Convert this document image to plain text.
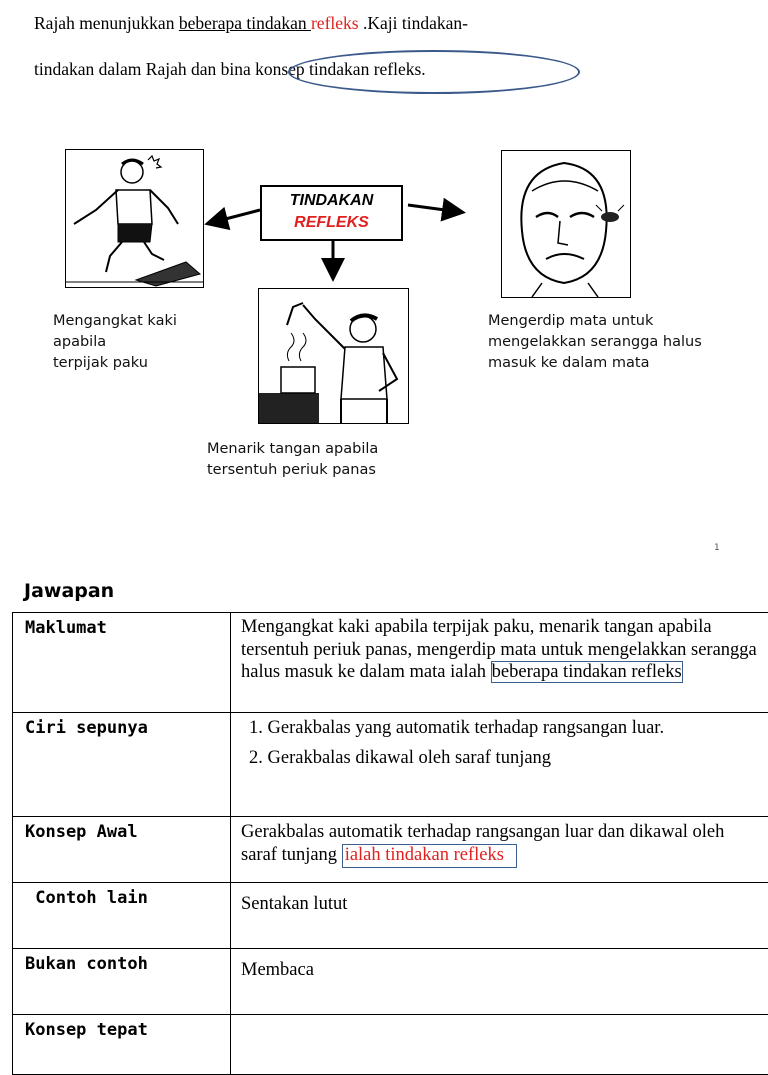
Rajah menunjukkan beberapa tindakan refleks .Kaji tindakan-
tindakan dalam Rajah dan bina konsep tindakan refleks.
TINDAKAN
REFLEKS
Mengangkat kaki
apabila
terpijak paku
Mengerdip mata untuk
mengelakkan serangga halus
masuk ke dalam mata
Menarik tangan apabila
tersentuh periuk panas
1
Jawapan
Maklumat	Mengangkat kaki apabila terpijak paku, menarik tangan apabila tersentuh periuk panas, mengerdip mata untuk mengelakkan serangga halus masuk ke dalam mata ialah beberapa tindakan refleks

Ciri sepunya	1. Gerakbalas yang automatik terhadap rangsangan luar.
2. Gerakbalas dikawal oleh saraf tunjang

Konsep Awal	Gerakbalas automatik terhadap rangsangan luar dan dikawal oleh saraf tunjang ialah tindakan refleks

Contoh lain	Sentakan lutut

Bukan contoh	Membaca

Konsep tepat	
